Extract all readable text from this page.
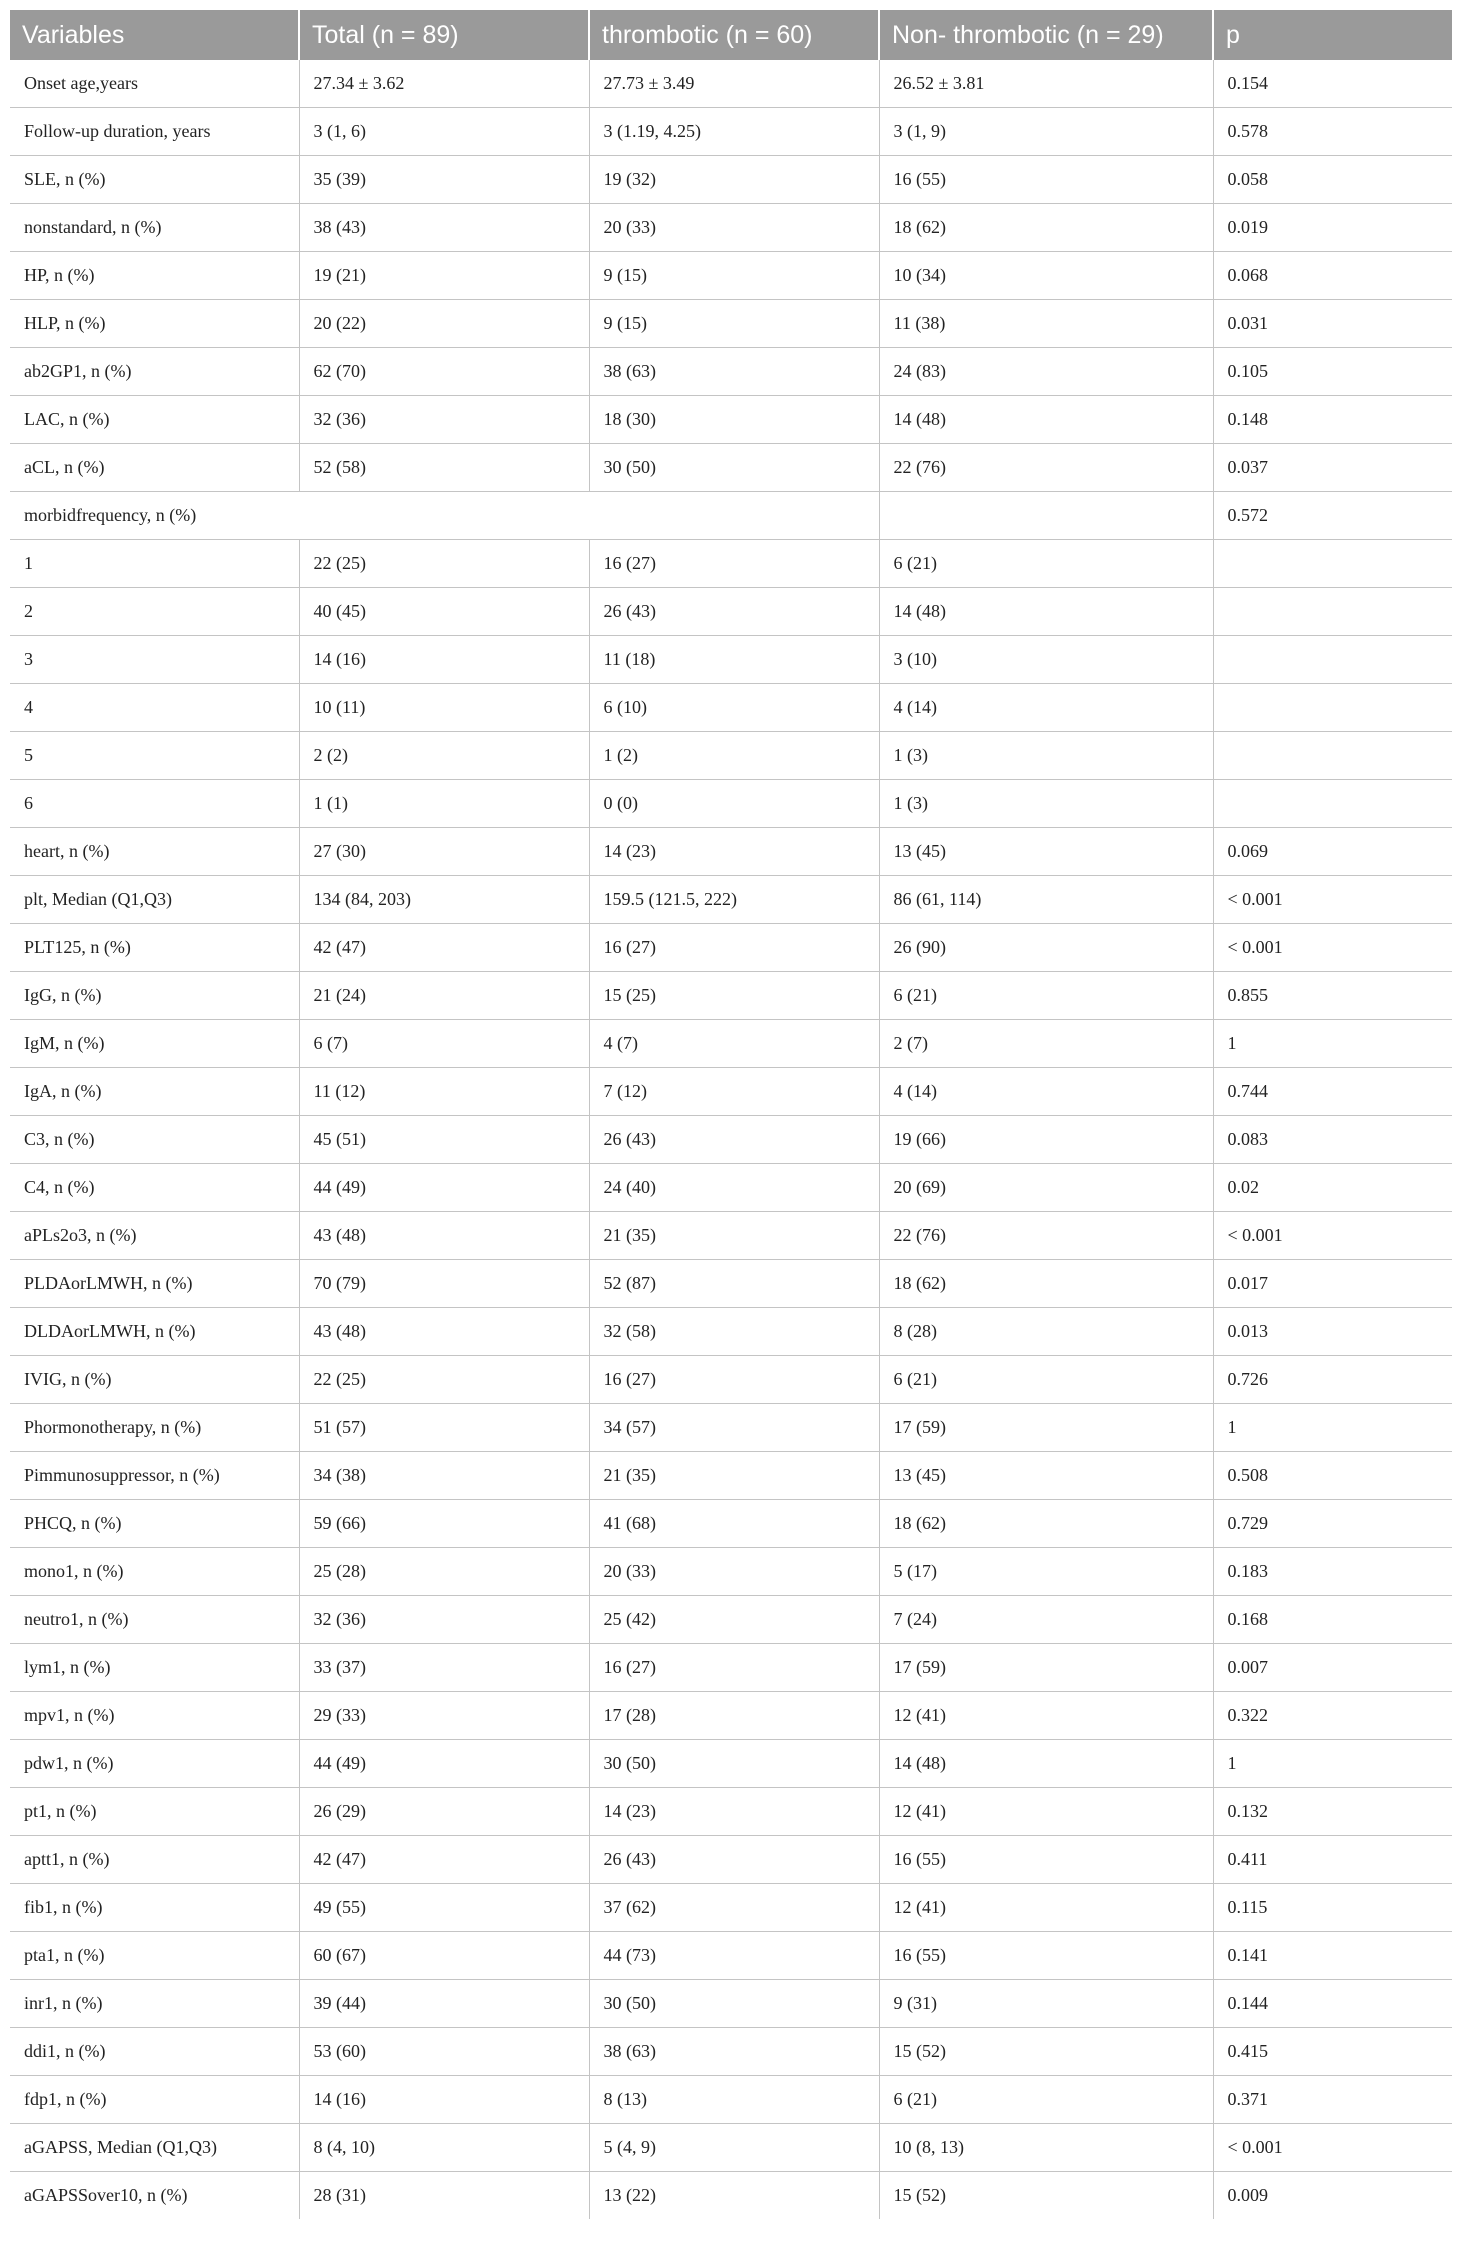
Variables	Total (n = 89)	thrombotic (n = 60)	Non- thrombotic (n = 29)	p
Onset age,years	27.34 ± 3.62	27.73 ± 3.49	26.52 ± 3.81	0.154
Follow-up duration, years	3 (1, 6)	3 (1.19, 4.25)	3 (1, 9)	0.578
SLE, n (%)	35 (39)	19 (32)	16 (55)	0.058
nonstandard, n (%)	38 (43)	20 (33)	18 (62)	0.019
HP, n (%)	19 (21)	9 (15)	10 (34)	0.068
HLP, n (%)	20 (22)	9 (15)	11 (38)	0.031
ab2GP1, n (%)	62 (70)	38 (63)	24 (83)	0.105
LAC, n (%)	32 (36)	18 (30)	14 (48)	0.148
aCL, n (%)	52 (58)	30 (50)	22 (76)	0.037
morbidfrequency, n (%)				0.572
1	22 (25)	16 (27)	6 (21)	
2	40 (45)	26 (43)	14 (48)	
3	14 (16)	11 (18)	3 (10)	
4	10 (11)	6 (10)	4 (14)	
5	2 (2)	1 (2)	1 (3)	
6	1 (1)	0 (0)	1 (3)	
heart, n (%)	27 (30)	14 (23)	13 (45)	0.069
plt, Median (Q1,Q3)	134 (84, 203)	159.5 (121.5, 222)	86 (61, 114)	< 0.001
PLT125, n (%)	42 (47)	16 (27)	26 (90)	< 0.001
IgG, n (%)	21 (24)	15 (25)	6 (21)	0.855
IgM, n (%)	6 (7)	4 (7)	2 (7)	1
IgA, n (%)	11 (12)	7 (12)	4 (14)	0.744
C3, n (%)	45 (51)	26 (43)	19 (66)	0.083
C4, n (%)	44 (49)	24 (40)	20 (69)	0.02
aPLs2o3, n (%)	43 (48)	21 (35)	22 (76)	< 0.001
PLDAorLMWH, n (%)	70 (79)	52 (87)	18 (62)	0.017
DLDAorLMWH, n (%)	43 (48)	32 (58)	8 (28)	0.013
IVIG, n (%)	22 (25)	16 (27)	6 (21)	0.726
Phormonotherapy, n (%)	51 (57)	34 (57)	17 (59)	1
Pimmunosuppressor, n (%)	34 (38)	21 (35)	13 (45)	0.508
PHCQ, n (%)	59 (66)	41 (68)	18 (62)	0.729
mono1, n (%)	25 (28)	20 (33)	5 (17)	0.183
neutro1, n (%)	32 (36)	25 (42)	7 (24)	0.168
lym1, n (%)	33 (37)	16 (27)	17 (59)	0.007
mpv1, n (%)	29 (33)	17 (28)	12 (41)	0.322
pdw1, n (%)	44 (49)	30 (50)	14 (48)	1
pt1, n (%)	26 (29)	14 (23)	12 (41)	0.132
aptt1, n (%)	42 (47)	26 (43)	16 (55)	0.411
fib1, n (%)	49 (55)	37 (62)	12 (41)	0.115
pta1, n (%)	60 (67)	44 (73)	16 (55)	0.141
inr1, n (%)	39 (44)	30 (50)	9 (31)	0.144
ddi1, n (%)	53 (60)	38 (63)	15 (52)	0.415
fdp1, n (%)	14 (16)	8 (13)	6 (21)	0.371
aGAPSS, Median (Q1,Q3)	8 (4, 10)	5 (4, 9)	10 (8, 13)	< 0.001
aGAPSSover10, n (%)	28 (31)	13 (22)	15 (52)	0.009
